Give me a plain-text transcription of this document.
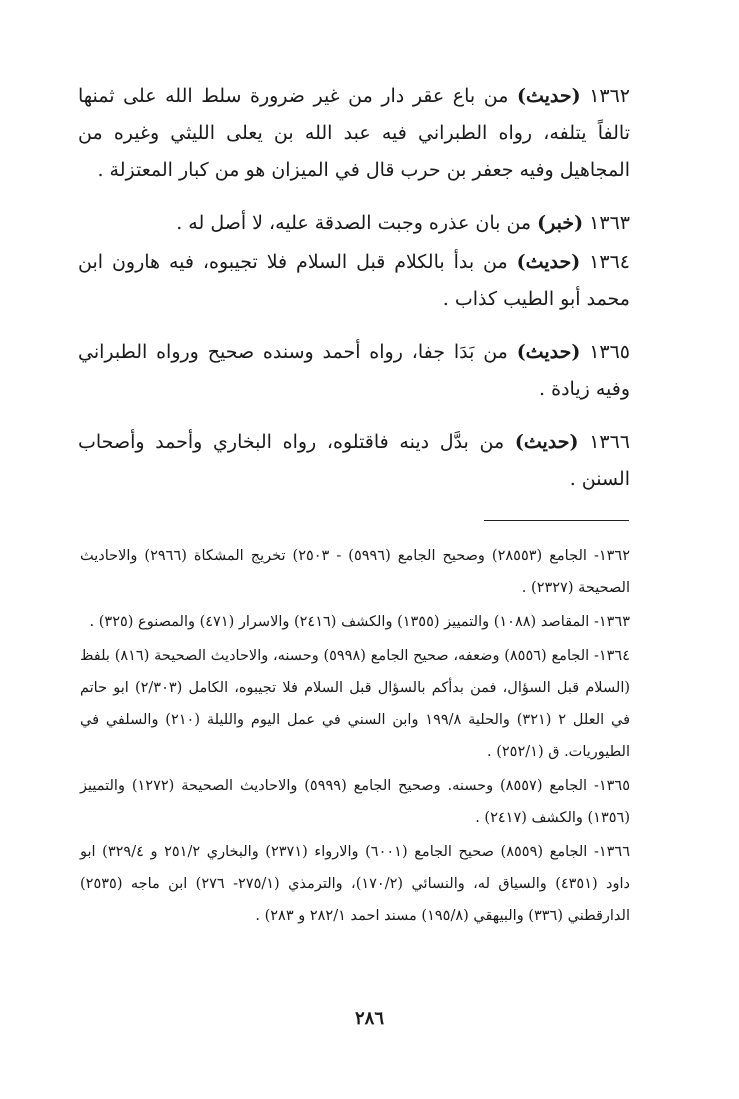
١٣٦٢ (حديث) من باع عقر دار من غير ضرورة سلط الله على ثمنها تالفاً يتلفه، رواه الطبراني فيه عبد الله بن يعلى الليثي وغيره من المجاهيل وفيه جعفر بن حرب قال في الميزان هو من كبار المعتزلة .

١٣٦٣ (خبر) من بان عذره وجبت الصدقة عليه، لا أصل له .

١٣٦٤ (حديث) من بدأ بالكلام قبل السلام فلا تجيبوه، فيه هارون ابن محمد أبو الطيب كذاب .

١٣٦٥ (حديث) من بَدَا جفا، رواه أحمد وسنده صحيح ورواه الطبراني وفيه زيادة .

١٣٦٦ (حديث) من بدَّل دينه فاقتلوه، رواه البخاري وأحمد وأصحاب السنن .

١٣٦٢- الجامع (٢٨٥٥٣) وصحيح الجامع (٥٩٩٦) - ٢٥٠٣) تخريج المشكاة (٢٩٦٦) والاحاديث الصحيحة (٢٣٢٧) .
١٣٦٣- المقاصد (١٠٨٨) والتمييز (١٣٥٥) والكشف (٢٤١٦) والاسرار (٤٧١) والمصنوع (٣٢٥) .
١٣٦٤- الجامع (٨٥٥٦) وضعفه، صحيح الجامع (٥٩٩٨) وحسنه، والاحاديث الصحيحة (٨١٦) بلفظ (السلام قبل السؤال، فمن بدأكم بالسؤال قبل السلام فلا تجيبوه، الكامل (٢/٣٠٣) ابو حاتم في العلل ٢ (٣٢١) والحلية ١٩٩/٨ وابن السني في عمل اليوم والليلة (٢١٠) والسلفي في الطيوريات. ق (٢٥٢/١) .
١٣٦٥- الجامع (٨٥٥٧) وحسنه. وصحيح الجامع (٥٩٩٩) والاحاديث الصحيحة (١٢٧٢) والتمييز (١٣٥٦) والكشف (٢٤١٧) .
١٣٦٦- الجامع (٨٥٥٩) صحيح الجامع (٦٠٠١) والارواء (٢٣٧١) والبخاري ٢٥١/٢ و ٣٢٩/٤) ابو داود (٤٣٥١) والسياق له، والنسائي (١٧٠/٢)، والترمذي (٢٧٥/١- ٢٧٦) ابن ماجه (٢٥٣٥) الدارقطني (٣٣٦) والبيهقي (١٩٥/٨) مسند احمد ٢٨٢/١ و ٢٨٣) .
٢٨٦
